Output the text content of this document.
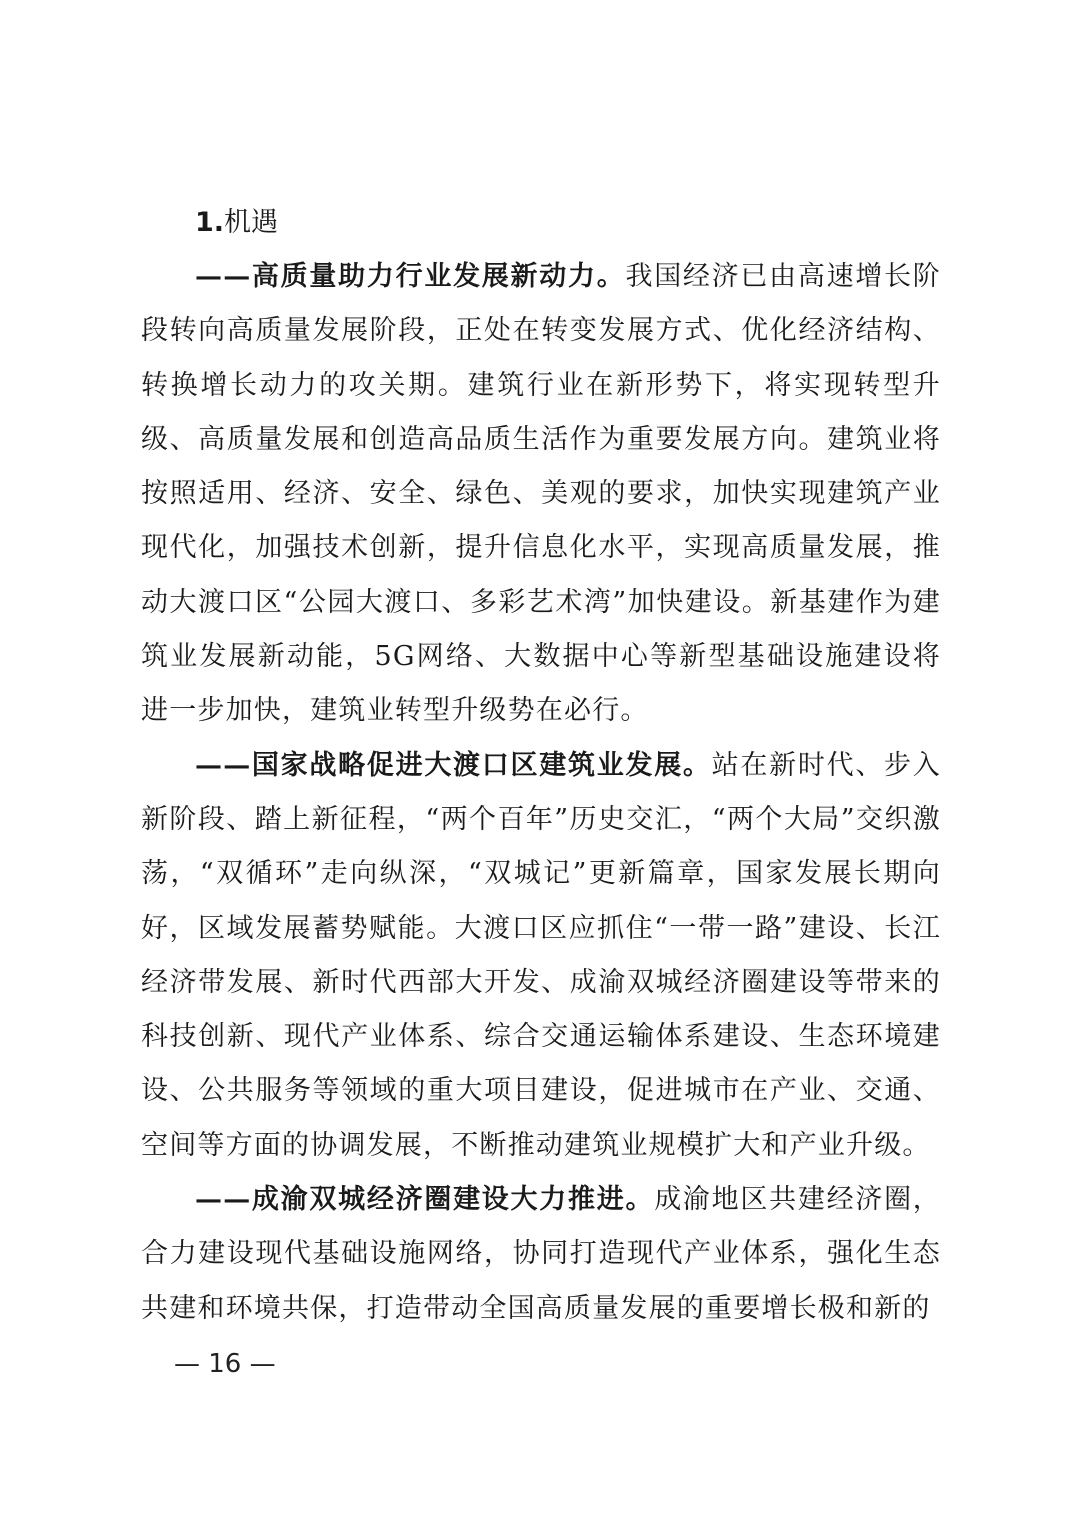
1.机遇

——高质量助力行业发展新动力。我国经济已由高速增长阶段转向高质量发展阶段，正处在转变发展方式、优化经济结构、转换增长动力的攻关期。建筑行业在新形势下，将实现转型升级、高质量发展和创造高品质生活作为重要发展方向。建筑业将按照适用、经济、安全、绿色、美观的要求，加快实现建筑产业现代化，加强技术创新，提升信息化水平，实现高质量发展，推动大渡口区“公园大渡口、多彩艺术湾”加快建设。新基建作为建筑业发展新动能，5G网络、大数据中心等新型基础设施建设将进一步加快，建筑业转型升级势在必行。

——国家战略促进大渡口区建筑业发展。站在新时代、步入新阶段、踏上新征程，“两个百年”历史交汇，“两个大局”交织激荡，“双循环”走向纵深，“双城记”更新篇章，国家发展长期向好，区域发展蓄势赋能。大渡口区应抓住“一带一路”建设、长江经济带发展、新时代西部大开发、成渝双城经济圈建设等带来的科技创新、现代产业体系、综合交通运输体系建设、生态环境建设、公共服务等领域的重大项目建设，促进城市在产业、交通、空间等方面的协调发展，不断推动建筑业规模扩大和产业升级。

——成渝双城经济圈建设大力推进。成渝地区共建经济圈，合力建设现代基础设施网络，协同打造现代产业体系，强化生态共建和环境共保，打造带动全国高质量发展的重要增长极和新的

— 16 —
